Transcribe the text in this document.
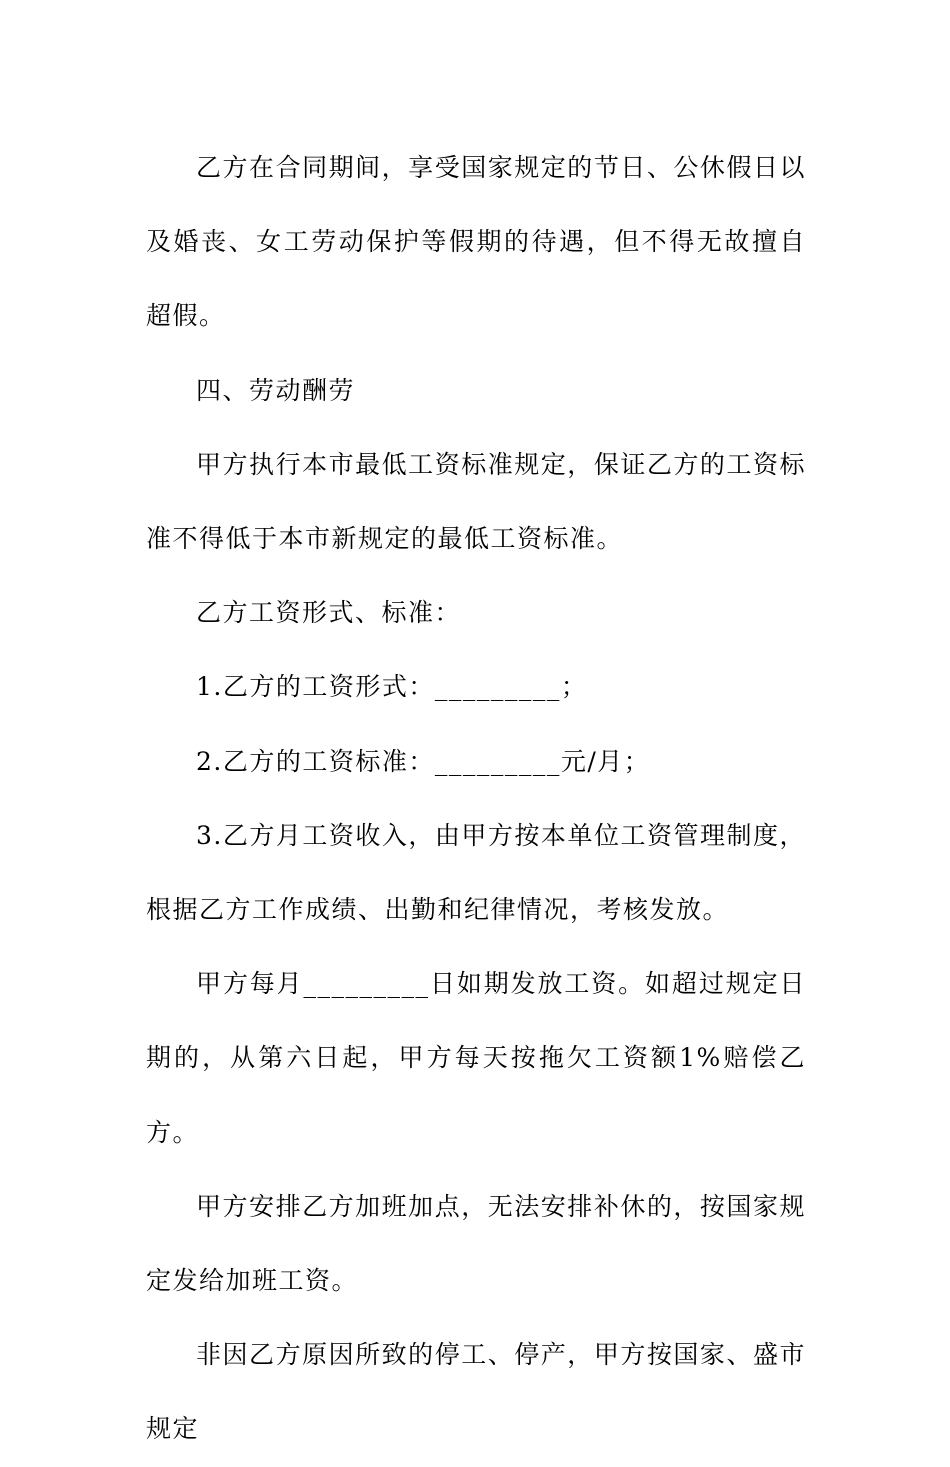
乙方在合同期间，享受国家规定的节日、公休假日以及婚丧、女工劳动保护等假期的待遇，但不得无故擅自超假。

四、劳动酬劳

甲方执行本市最低工资标准规定，保证乙方的工资标准不得低于本市新规定的最低工资标准。

乙方工资形式、标准：

1.乙方的工资形式：_________；

2.乙方的工资标准：_________元/月；

3.乙方月工资收入，由甲方按本单位工资管理制度，根据乙方工作成绩、出勤和纪律情况，考核发放。

甲方每月_________日如期发放工资。如超过规定日期的，从第六日起，甲方每天按拖欠工资额1%赔偿乙方。

甲方安排乙方加班加点，无法安排补休的，按国家规定发给加班工资。

非因乙方原因所致的停工、停产，甲方按国家、盛市规定
